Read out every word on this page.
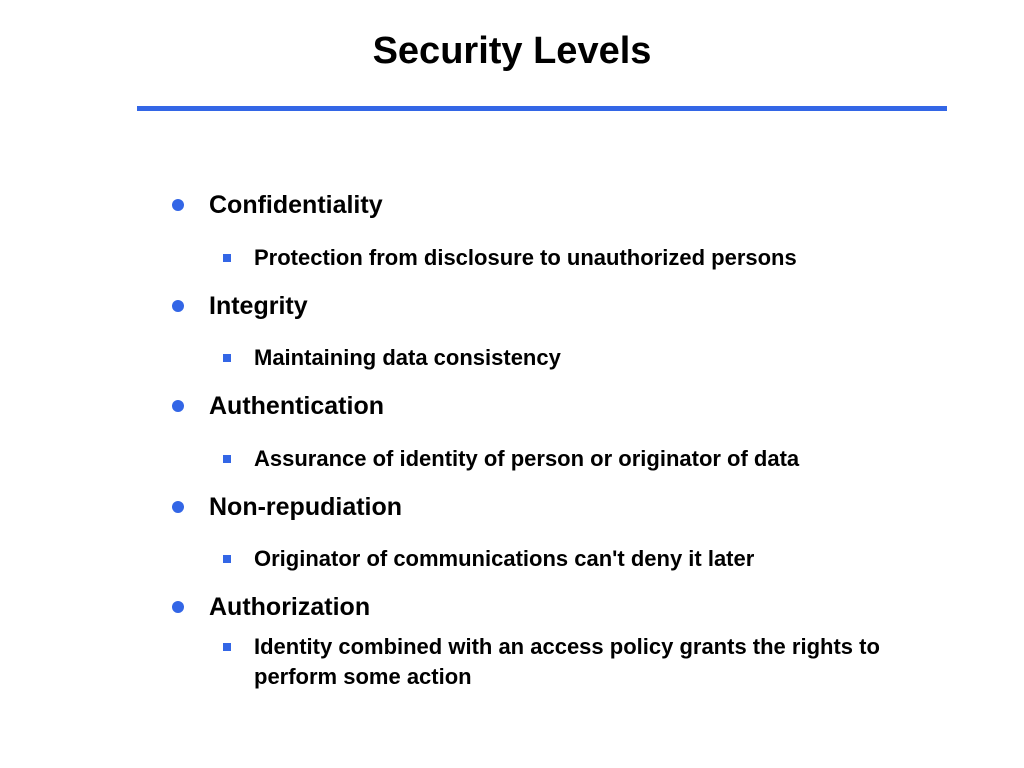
Security Levels
Confidentiality
Protection from disclosure to unauthorized persons
Integrity
Maintaining data consistency
Authentication
Assurance of identity of person or originator of data
Non-repudiation
Originator of communications can't deny it later
Authorization
Identity combined with an access policy grants the rights to perform some action
